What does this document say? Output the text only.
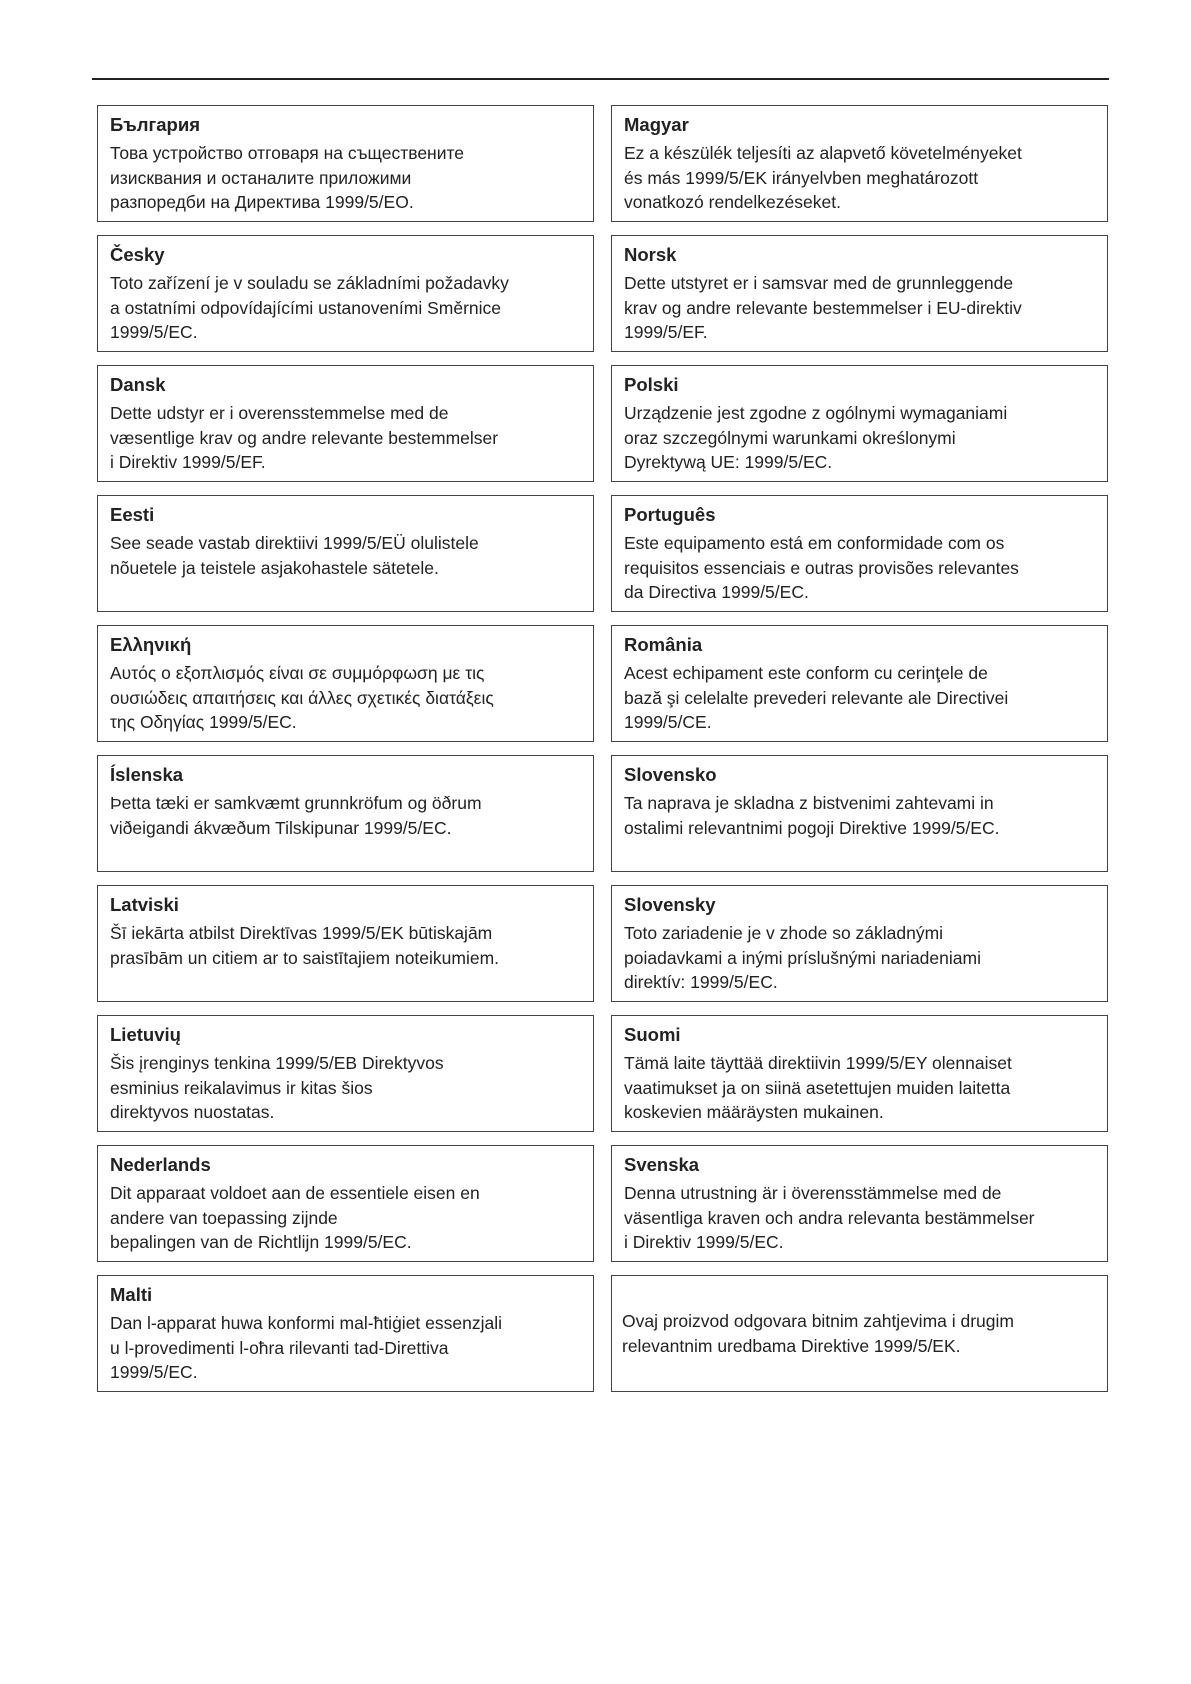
България
Това устройство отговаря на съществените
изисквания и останалите приложими
разпоредби на Директива 1999/5/ЕО.
Magyar
Ez a készülék teljesíti az alapvető követelményeket
és más 1999/5/EK irányelvben meghatározott
vonatkozó rendelkezéseket.
Česky
Toto zařízení je v souladu se základními požadavky
a ostatními odpovídajícími ustanoveními Směrnice
1999/5/EC.
Norsk
Dette utstyret er i samsvar med de grunnleggende
krav og andre relevante bestemmelser i EU-direktiv
1999/5/EF.
Dansk
Dette udstyr er i overensstemmelse med de
væsentlige krav og andre relevante bestemmelser
i Direktiv 1999/5/EF.
Polski
Urządzenie jest zgodne z ogólnymi wymaganiami
oraz szczególnymi warunkami określonymi
Dyrektywą UE: 1999/5/EC.
Eesti
See seade vastab direktiivi 1999/5/EÜ olulistele
nõuetele ja teistele asjakohastele sätetele.
Português
Este equipamento está em conformidade com os
requisitos essenciais e outras provisões relevantes
da Directiva 1999/5/EC.
Ελληνική
Αυτός ο εξοπλισμός είναι σε συμμόρφωση με τις
ουσιώδεις απαιτήσεις και άλλες σχετικές διατάξεις
της Οδηγίας 1999/5/EC.
România
Acest echipament este conform cu cerinţele de
bază şi celelalte prevederi relevante ale Directivei
1999/5/CE.
Íslenska
Þetta tæki er samkvæmt grunnkröfum og öðrum
viðeigandi ákvæðum Tilskipunar 1999/5/EC.
Slovensko
Ta naprava je skladna z bistvenimi zahtevami in
ostalimi relevantnimi pogoji Direktive 1999/5/EC.
Latviski
Šī iekārta atbilst Direktīvas 1999/5/EK būtiskajām
prasībām un citiem ar to saistītajiem noteikumiem.
Slovensky
Toto zariadenie je v zhode so základnými
poiadavkami a inými príslušnými nariadeniami
direktív: 1999/5/EC.
Lietuvių
Šis įrenginys tenkina 1999/5/EB Direktyvos
esminius reikalavimus ir kitas šios
direktyvos nuostatas.
Suomi
Tämä laite täyttää direktiivin 1999/5/EY olennaiset
vaatimukset ja on siinä asetettujen muiden laitetta
koskevien määräysten mukainen.
Nederlands
Dit apparaat voldoet aan de essentiele eisen en
andere van toepassing zijnde
bepalingen van de Richtlijn 1999/5/EC.
Svenska
Denna utrustning är i överensstämmelse med de
väsentliga kraven och andra relevanta bestämmelser
i Direktiv 1999/5/EC.
Malti
Dan l-apparat huwa konformi mal-ħtiġiet essenzjali
u l-provedimenti l-oħra rilevanti tad-Direttiva
1999/5/EC.
Ovaj proizvod odgovara bitnim zahtjevima i drugim
relevantnim uredbama Direktive 1999/5/EK.
